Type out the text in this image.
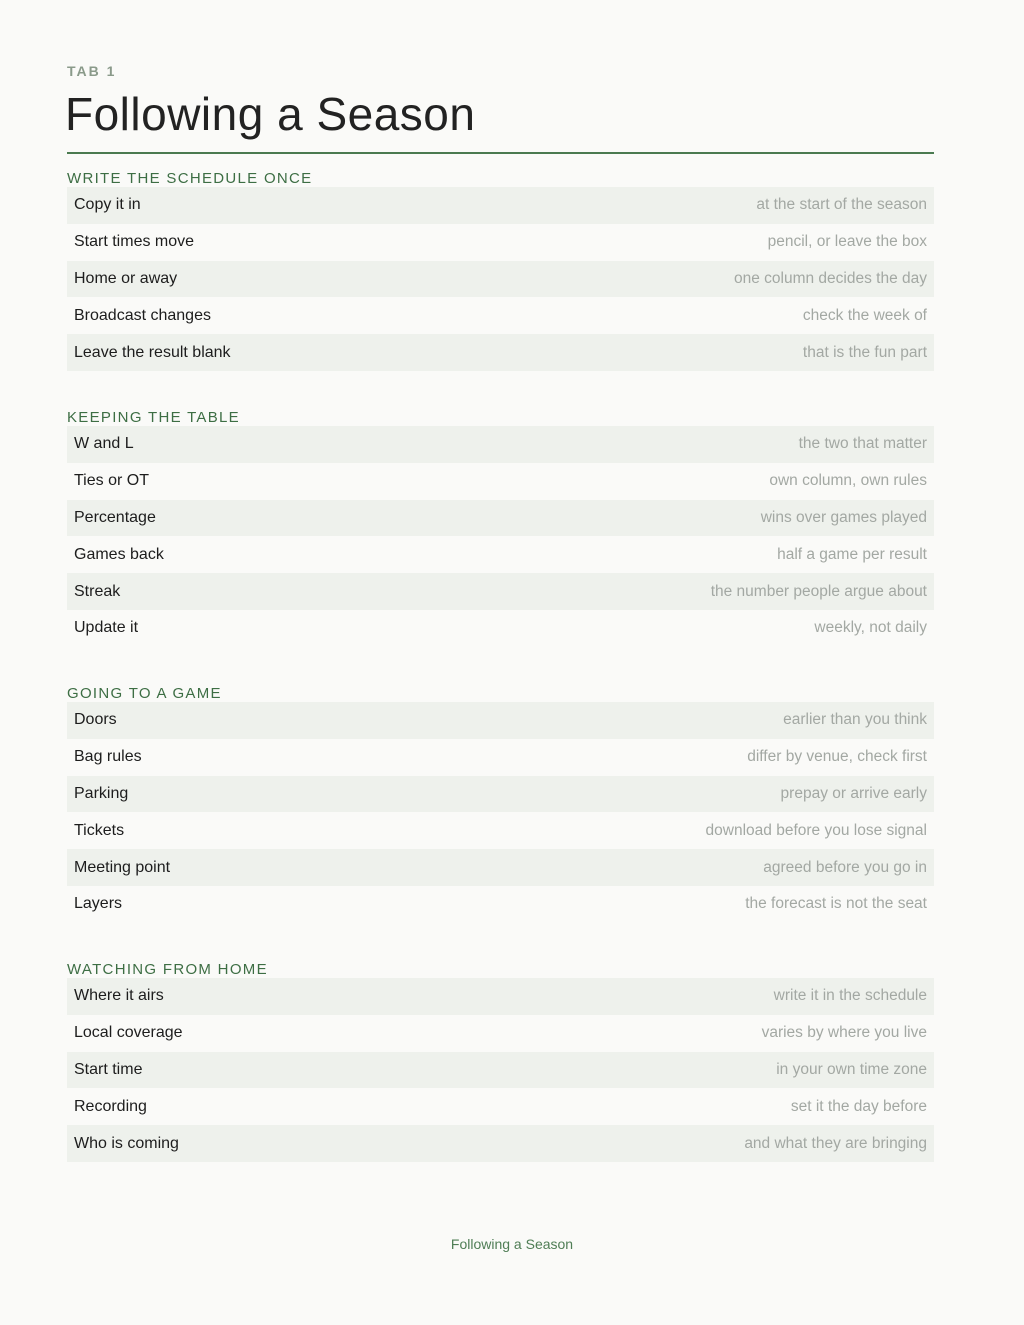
TAB 1
Following a Season
WRITE THE SCHEDULE ONCE
Copy it in	at the start of the season
Start times move	pencil, or leave the box
Home or away	one column decides the day
Broadcast changes	check the week of
Leave the result blank	that is the fun part
KEEPING THE TABLE
W and L	the two that matter
Ties or OT	own column, own rules
Percentage	wins over games played
Games back	half a game per result
Streak	the number people argue about
Update it	weekly, not daily
GOING TO A GAME
Doors	earlier than you think
Bag rules	differ by venue, check first
Parking	prepay or arrive early
Tickets	download before you lose signal
Meeting point	agreed before you go in
Layers	the forecast is not the seat
WATCHING FROM HOME
Where it airs	write it in the schedule
Local coverage	varies by where you live
Start time	in your own time zone
Recording	set it the day before
Who is coming	and what they are bringing
Following a Season
